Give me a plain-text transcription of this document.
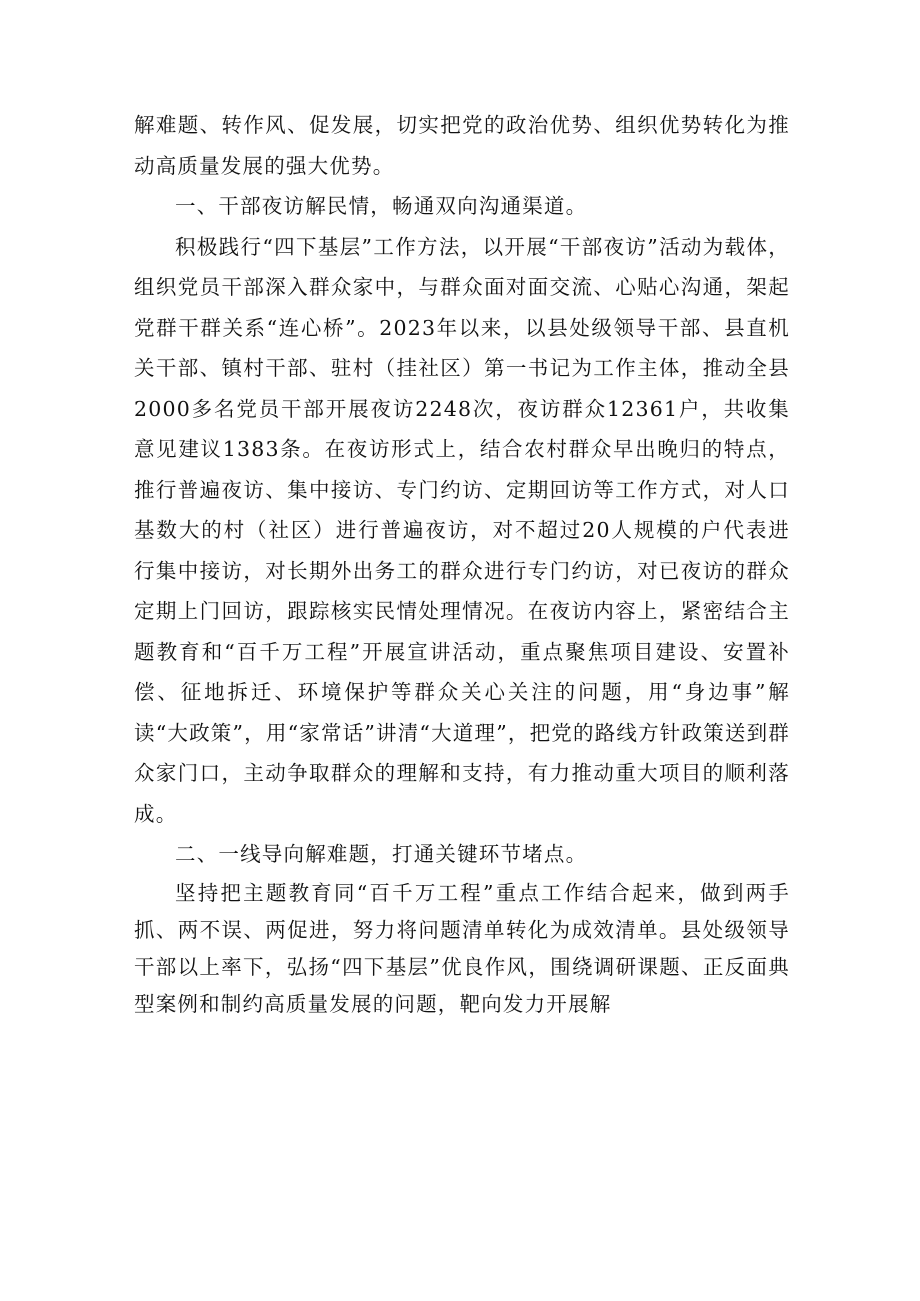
解难题、转作风、促发展，切实把党的政治优势、组织优势转化为推动高质量发展的强大优势。

一、干部夜访解民情，畅通双向沟通渠道。

积极践行“四下基层”工作方法，以开展“干部夜访”活动为载体，组织党员干部深入群众家中，与群众面对面交流、心贴心沟通，架起党群干群关系“连心桥”。2023年以来，以县处级领导干部、县直机关干部、镇村干部、驻村（挂社区）第一书记为工作主体，推动全县2000多名党员干部开展夜访2248次，夜访群众12361户，共收集意见建议1383条。在夜访形式上，结合农村群众早出晚归的特点，推行普遍夜访、集中接访、专门约访、定期回访等工作方式，对人口基数大的村（社区）进行普遍夜访，对不超过20人规模的户代表进行集中接访，对长期外出务工的群众进行专门约访，对已夜访的群众定期上门回访，跟踪核实民情处理情况。在夜访内容上，紧密结合主题教育和“百千万工程”开展宣讲活动，重点聚焦项目建设、安置补偿、征地拆迁、环境保护等群众关心关注的问题，用“身边事”解读“大政策”，用“家常话”讲清“大道理”，把党的路线方针政策送到群众家门口，主动争取群众的理解和支持，有力推动重大项目的顺利落成。

二、一线导向解难题，打通关键环节堵点。

坚持把主题教育同“百千万工程”重点工作结合起来，做到两手抓、两不误、两促进，努力将问题清单转化为成效清单。县处级领导干部以上率下，弘扬“四下基层”优良作风，围绕调研课题、正反面典型案例和制约高质量发展的问题，靶向发力开展解
